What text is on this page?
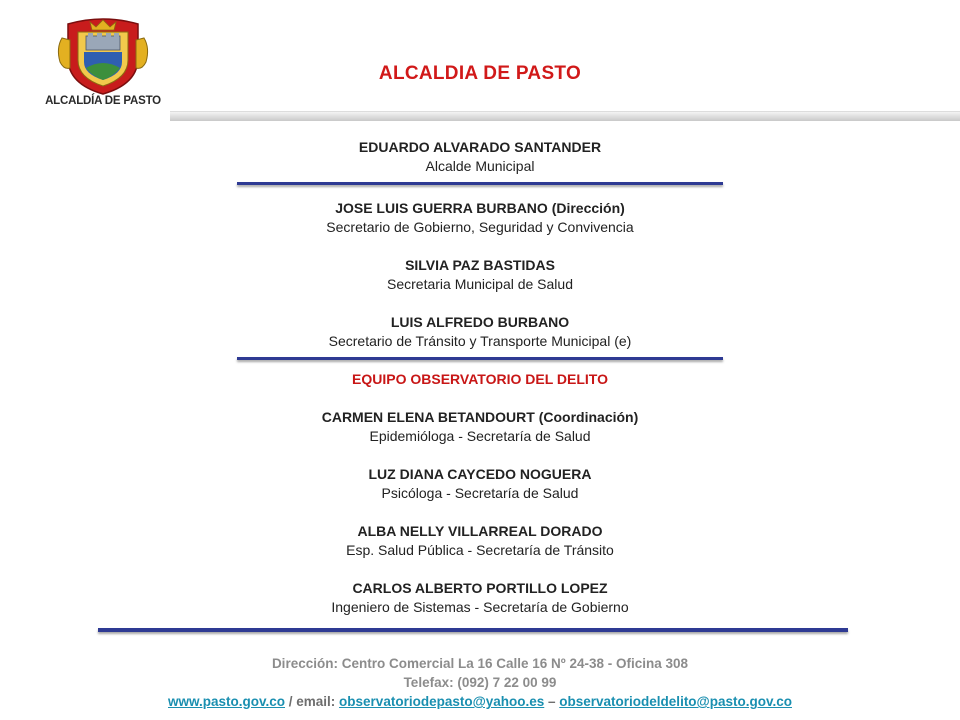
ALCALDÍA DE PASTO
ALCALDIA DE PASTO
EDUARDO ALVARADO SANTANDER
Alcalde Municipal
JOSE LUIS GUERRA BURBANO (Dirección)
Secretario de Gobierno, Seguridad y Convivencia
SILVIA PAZ BASTIDAS
Secretaria Municipal de Salud
LUIS ALFREDO BURBANO
Secretario de Tránsito y Transporte Municipal (e)
EQUIPO OBSERVATORIO DEL DELITO
CARMEN ELENA BETANDOURT (Coordinación)
Epidemióloga - Secretaría de Salud
LUZ DIANA CAYCEDO NOGUERA
Psicóloga - Secretaría de Salud
ALBA NELLY VILLARREAL DORADO
Esp. Salud Pública - Secretaría de Tránsito
CARLOS ALBERTO PORTILLO LOPEZ
Ingeniero de Sistemas - Secretaría de Gobierno
Dirección: Centro Comercial La 16 Calle 16 Nº 24-38 - Oficina 308
Telefax: (092) 7 22 00 99
www.pasto.gov.co / email: observatoriodepasto@yahoo.es – observatoriodeldelito@pasto.gov.co
